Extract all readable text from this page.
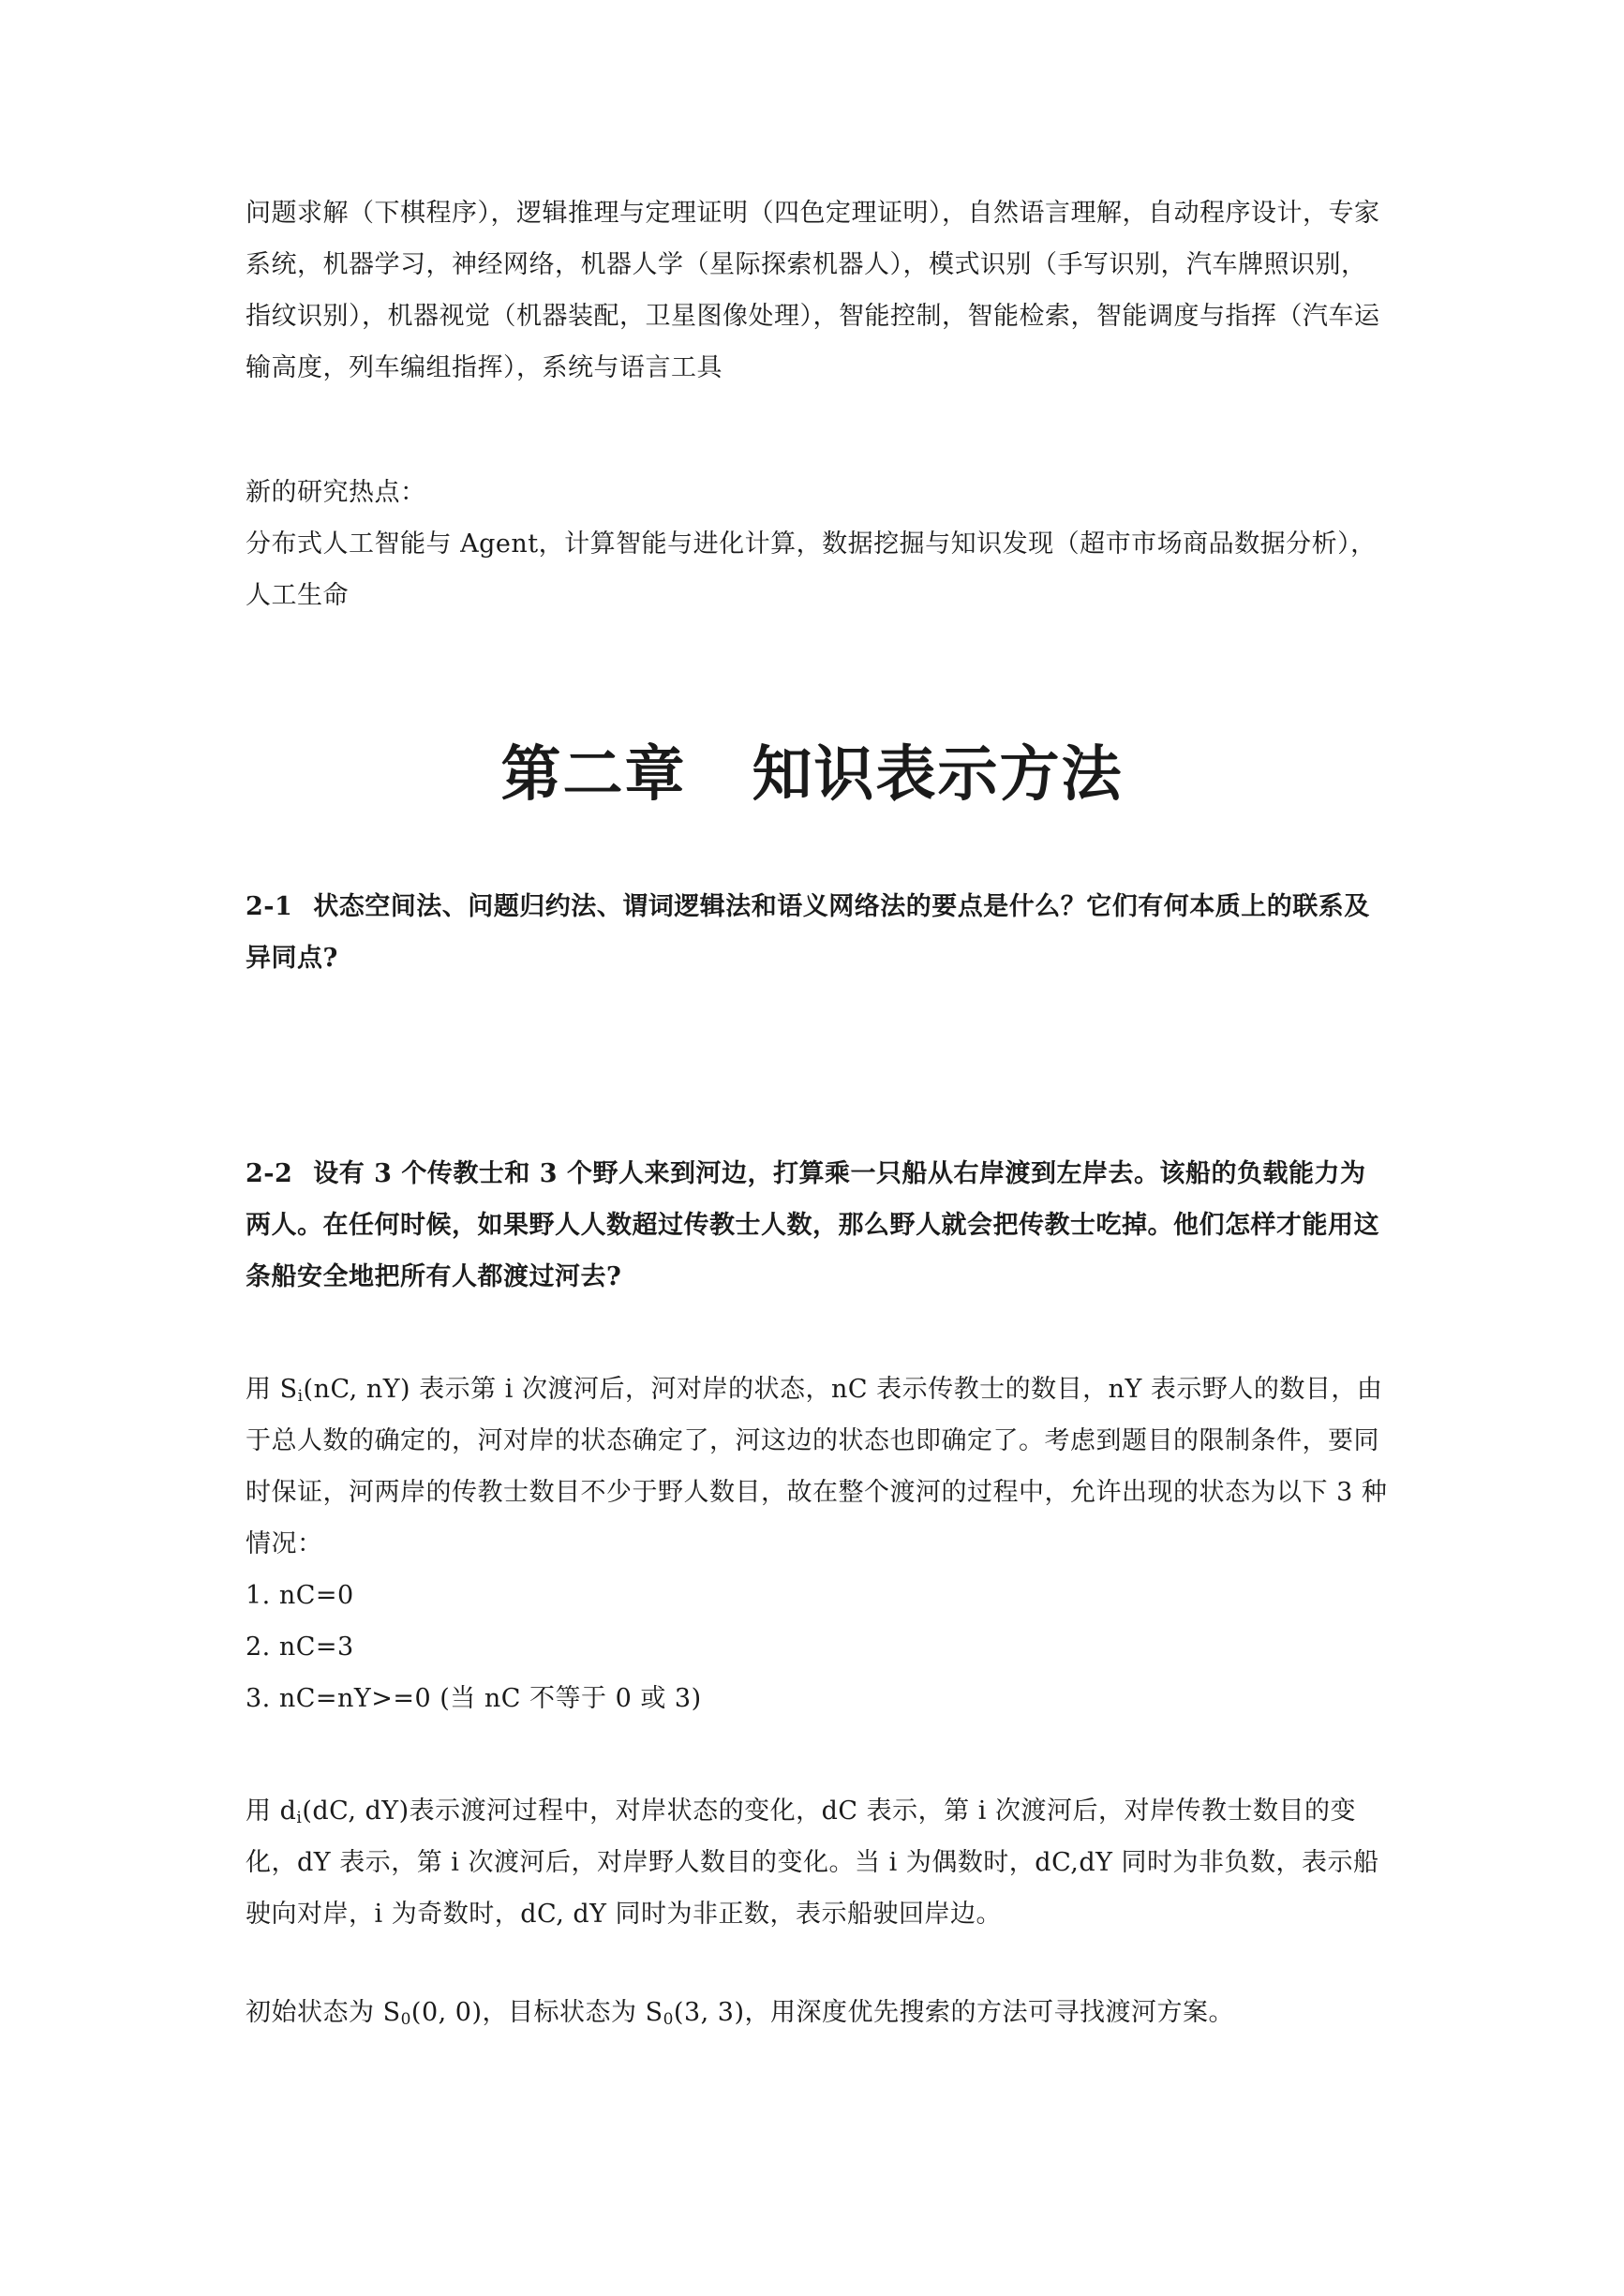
问题求解（下棋程序），逻辑推理与定理证明（四色定理证明），自然语言理解，自动程序设计，专家系统，机器学习，神经网络，机器人学（星际探索机器人），模式识别（手写识别，汽车牌照识别，指纹识别），机器视觉（机器装配，卫星图像处理），智能控制，智能检索，智能调度与指挥（汽车运输高度，列车编组指挥），系统与语言工具

新的研究热点：

分布式人工智能与 Agent，计算智能与进化计算，数据挖掘与知识发现（超市市场商品数据分析），人工生命

第二章 知识表示方法

2-1 状态空间法、问题归约法、谓词逻辑法和语义网络法的要点是什么？它们有何本质上的联系及异同点?

2-2 设有 3 个传教士和 3 个野人来到河边，打算乘一只船从右岸渡到左岸去。该船的负载能力为两人。在任何时候，如果野人人数超过传教士人数，那么野人就会把传教士吃掉。他们怎样才能用这条船安全地把所有人都渡过河去?

用 $S_i(nC$, nY) 表示第 i 次渡河后，河对岸的状态，nC 表示传教士的数目，nY 表示野人的数目，由于总人数的确定的，河对岸的状态确定了，河这边的状态也即确定了。考虑到题目的限制条件，要同时保证，河两岸的传教士数目不少于野人数目，故在整个渡河的过程中，允许出现的状态为以下 3 种情况：

1. nC=0

2. nC=3

3. nC=nY>=0 (当 nC 不等于 0 或 3)

用 $d_i(dC$, dY)表示渡河过程中，对岸状态的变化，dC 表示，第 i 次渡河后，对岸传教士数目的变化，dY 表示，第 i 次渡河后，对岸野人数目的变化。当 i 为偶数时，dC,dY 同时为非负数，表示船驶向对岸，i 为奇数时，dC, dY 同时为非正数，表示船驶回岸边。

初始状态为 $S_0(0$, 0)，目标状态为 $S_0(3$, 3)，用深度优先搜索的方法可寻找渡河方案。
